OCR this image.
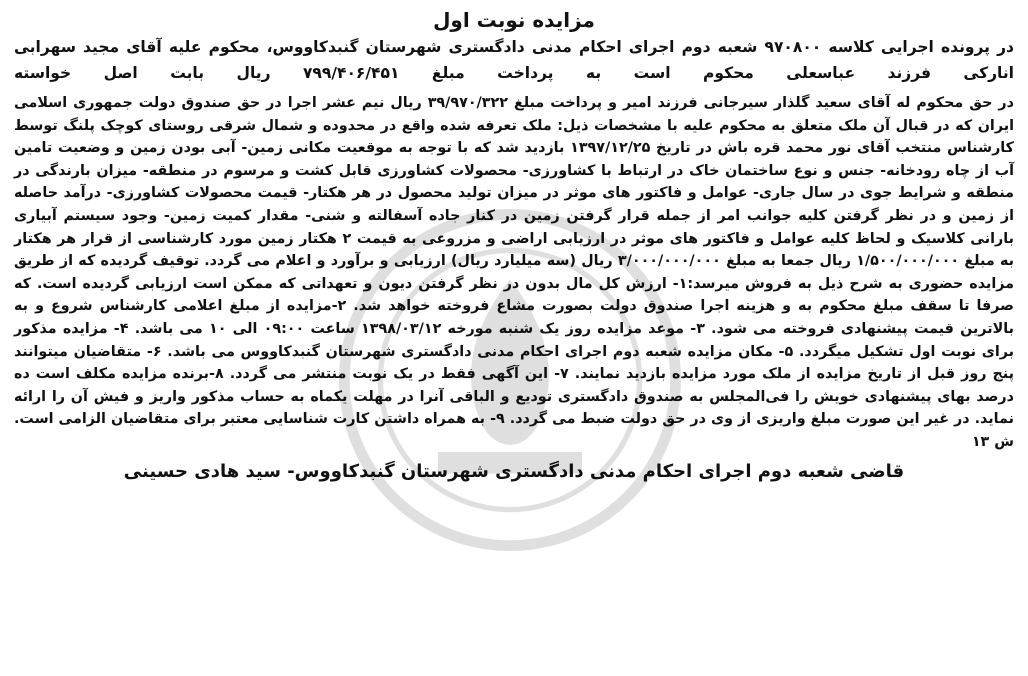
مزایده نوبت اول

در پرونده اجرایی کلاسه ۹۷۰۸۰۰ شعبه دوم اجرای احکام مدنی دادگستری شهرستان گنبدکاووس، محکوم علیه آقای مجید سهرابی اناركی فرزند عباسعلی محکوم است به پرداخت مبلغ ۷۹۹/۴۰۶/۴۵۱ ریال بابت اصل خواسته

در حق محکوم له آقای سعید گلذار سیرجانی فرزند امیر و پرداخت مبلغ ۳۹/۹۷۰/۳۲۲ ریال نیم عشر اجرا در حق صندوق دولت جمهوری اسلامی ایران که در قبال آن ملک متعلق به محکوم علیه با مشخصات ذیل: ملک تعرفه شده واقع در محدوده و شمال شرقی روستای کوچک پلنگ توسط کارشناس منتخب آقای نور محمد قره باش در تاریخ ۱۳۹۷/۱۲/۲۵ بازدید شد که با توجه به موقعیت مکانی زمین- آبی بودن زمین و وضعیت تامین آب از چاه رودخانه- جنس و نوع ساختمان خاک در ارتباط با کشاورزی- محصولات کشاورزی قابل کشت و مرسوم در منطقه- میزان بارندگی در منطقه و شرایط جوی در سال جاری- عوامل و فاکتور های موثر در میزان تولید محصول در هر هکتار- قیمت محصولات کشاورزی- درآمد حاصله از زمین و در نظر گرفتن کلیه جوانب امر از جمله قرار گرفتن زمین در کنار جاده آسفالته و شنی- مقدار کمیت زمین- وجود سیستم آبیاری بارانی کلاسیک و لحاظ کلیه عوامل و فاکتور های موثر در ارزیابی اراضی و مزروعی به قیمت ۲ هکتار زمین مورد کارشناسی از قرار هر هکتار به مبلغ ۱/۵۰۰/۰۰۰/۰۰۰ ریال جمعا به مبلغ ۳/۰۰۰/۰۰۰/۰۰۰ ریال (سه میلیارد ریال) ارزیابی و برآورد و اعلام می گردد. توقیف گردیده که از طریق مزایده حضوری به شرح ذیل به فروش میرسد:۱- ارزش کل مال بدون در نظر گرفتن دیون و تعهداتی که ممکن است ارزیابی گردیده است. که صرفا تا سقف مبلغ محکوم به و هزینه اجرا صندوق دولت بصورت مشاع فروخته خواهد شد. ۲-مزایده از مبلغ اعلامی کارشناس شروع و به بالاترین قیمت پیشنهادی فروخته می شود. ۳- موعد مزایده روز یک شنبه مورخه ۱۳۹۸/۰۳/۱۲ ساعت ۰۹:۰۰ الی ۱۰ می باشد. ۴- مزایده مذکور برای نوبت اول تشکیل میگردد. ۵- مکان مزایده شعبه دوم اجرای احکام مدنی دادگستری شهرستان گنبدکاووس می باشد. ۶- متقاضیان میتوانند پنج روز قبل از تاریخ مزایده از ملک مورد مزایده بازدید نمایند. ۷- این آگهی فقط در یک نوبت منتشر می گردد. ۸-برنده مزایده مکلف است ده درصد بهای پیشنهادی خویش را فی‌المجلس به صندوق دادگستری تودیع و الباقی آنرا در مهلت یکماه به حساب مذکور واریز و فیش آن را ارائه نماید. در غیر این صورت مبلغ واریزی از وی در حق دولت ضبط می گردد. ۹- به همراه داشتن کارت شناسایی معتبر برای متقاضیان الزامی است. ش ۱۳

قاضی شعبه دوم اجرای احکام مدنی دادگستری شهرستان گنبدکاووس- سید هادی حسینی
